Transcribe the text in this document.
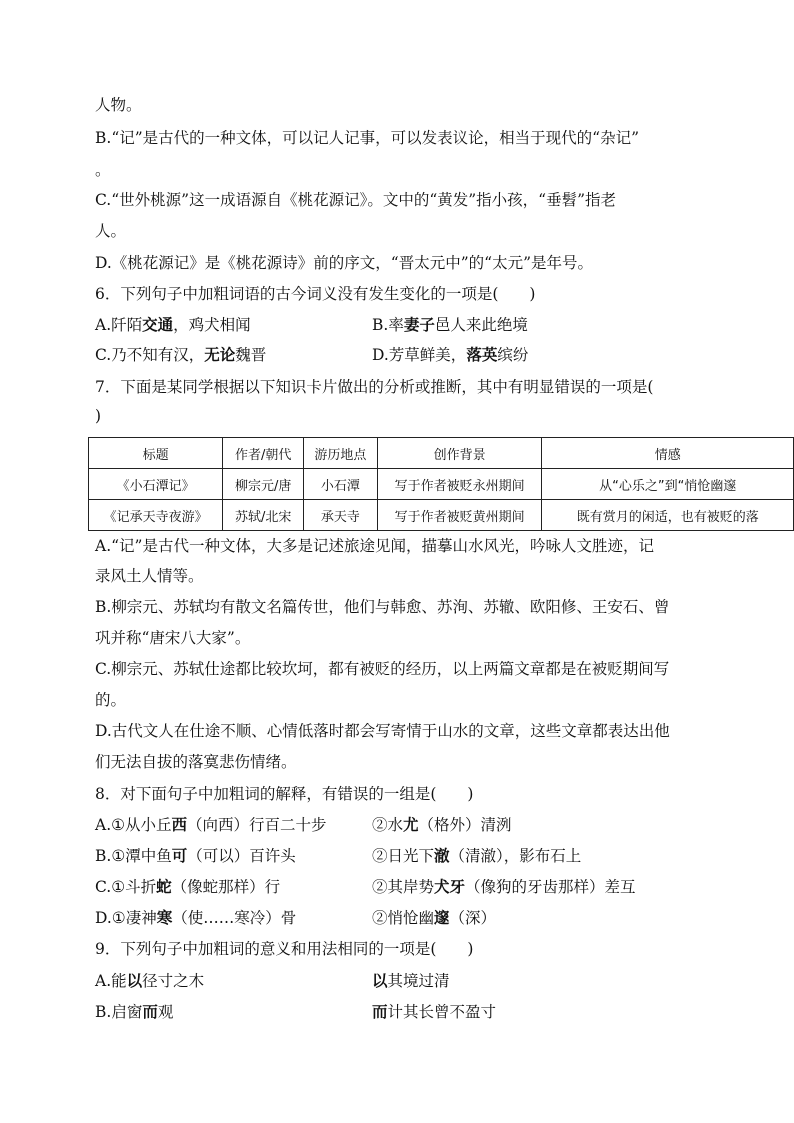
人物。
B.“记”是古代的一种文体，可以记人记事，可以发表议论，相当于现代的“杂记”
。
C.“世外桃源”这一成语源自《桃花源记》。文中的“黄发”指小孩，“垂髫”指老
人。
D.《桃花源记》是《桃花源诗》前的序文，“晋太元中”的“太元”是年号。
6．下列句子中加粗词语的古今词义没有发生变化的一项是(　　)
A.阡陌交通，鸡犬相闻	B.率妻子邑人来此绝境
C.乃不知有汉，无论魏晋	D.芳草鲜美，落英缤纷
7．下面是某同学根据以下知识卡片做出的分析或推断，其中有明显错误的一项是(
)
标题	作者/朝代	游历地点	创作背景	情感
《小石潭记》	柳宗元/唐	小石潭	写于作者被贬永州期间	从“心乐之”到“悄怆幽邃
《记承天寺夜游》	苏轼/北宋	承天寺	写于作者被贬黄州期间	既有赏月的闲适，也有被贬的落
A.“记”是古代一种文体，大多是记述旅途见闻，描摹山水风光，吟咏人文胜迹，记
录风土人情等。
B.柳宗元、苏轼均有散文名篇传世，他们与韩愈、苏洵、苏辙、欧阳修、王安石、曾
巩并称“唐宋八大家”。
C.柳宗元、苏轼仕途都比较坎坷，都有被贬的经历，以上两篇文章都是在被贬期间写
的。
D.古代文人在仕途不顺、心情低落时都会写寄情于山水的文章，这些文章都表达出他
们无法自拔的落寞悲伤情绪。
8．对下面句子中加粗词的解释，有错误的一组是(　　)
A.①从小丘西（向西）行百二十步	②水尤（格外）清洌
B.①潭中鱼可（可以）百许头	②日光下澈（清澈），影布石上
C.①斗折蛇（像蛇那样）行	②其岸势犬牙（像狗的牙齿那样）差互
D.①凄神寒（使……寒冷）骨	②悄怆幽邃（深）
9．下列句子中加粗词的意义和用法相同的一项是(　　)
A.能以径寸之木	以其境过清
B.启窗而观	而计其长曾不盈寸
